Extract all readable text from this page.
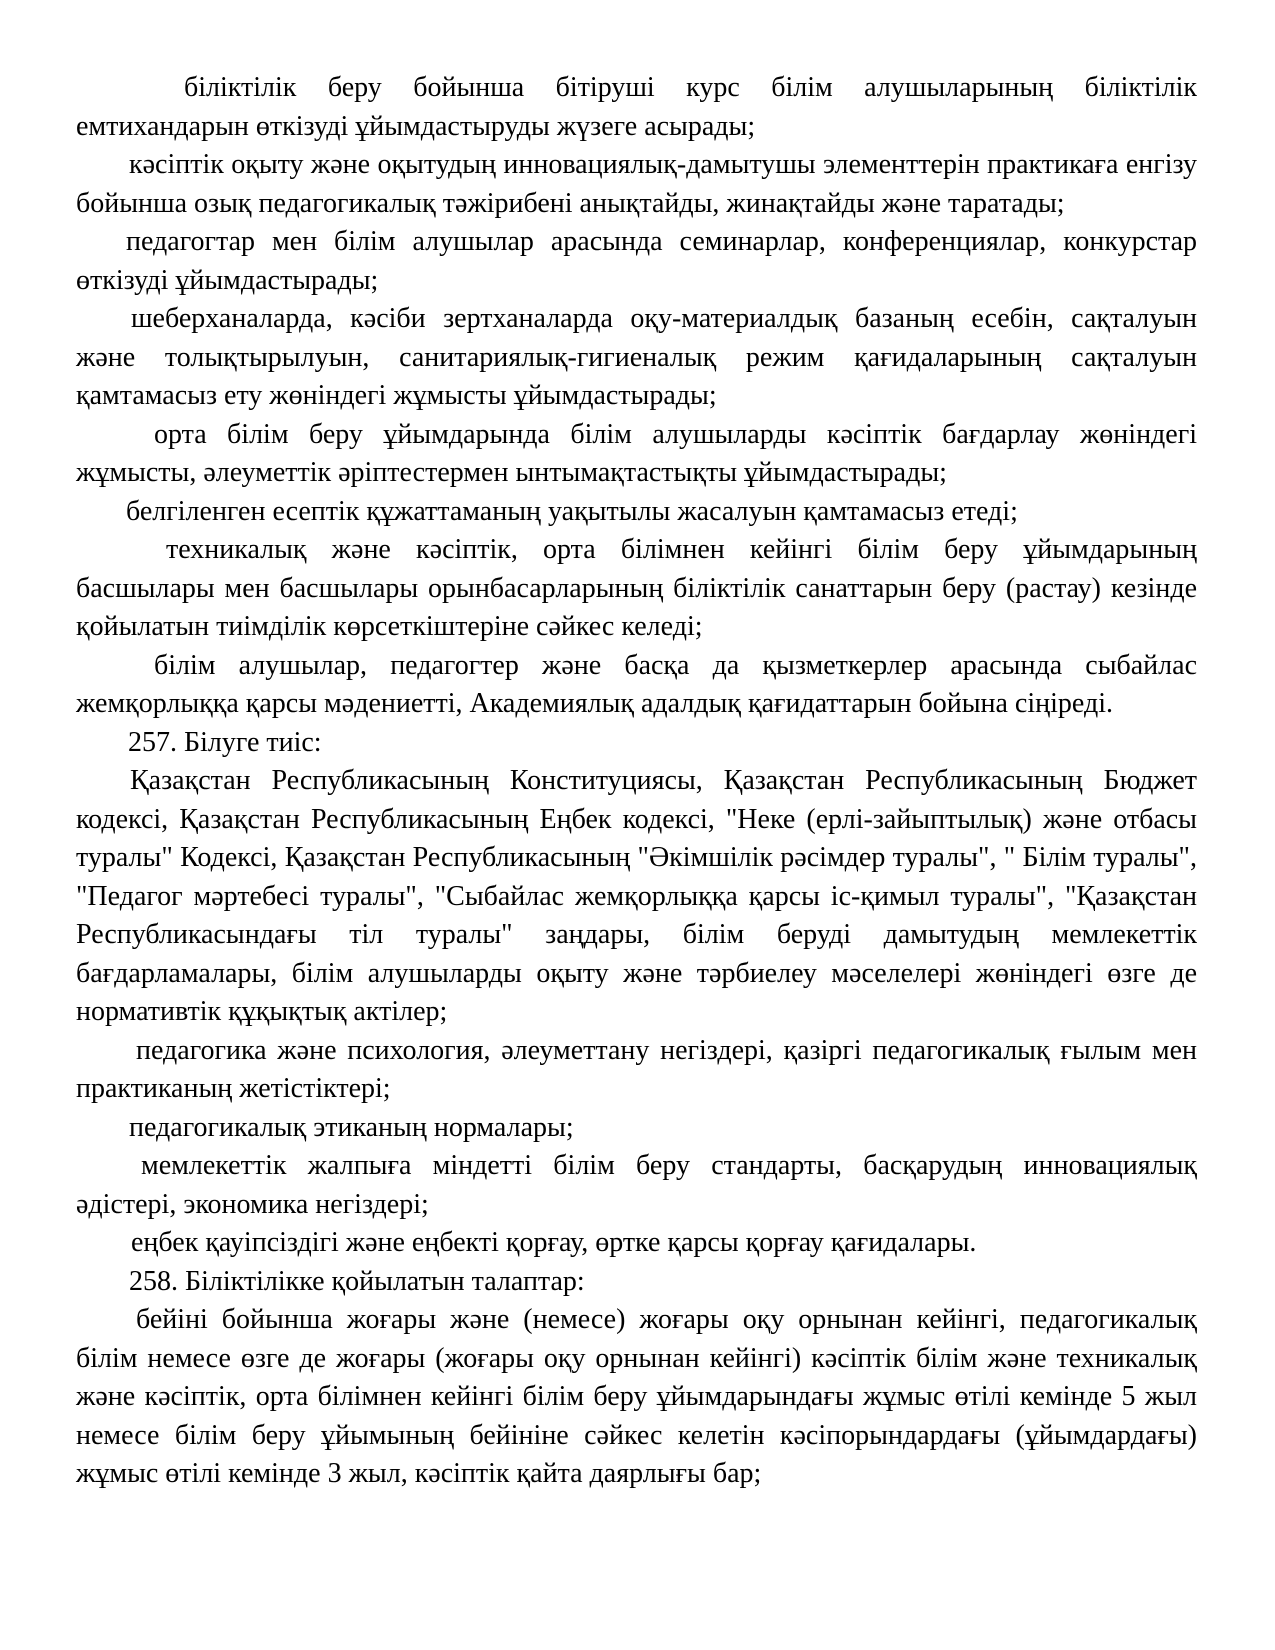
біліктілік беру бойынша бітіруші курс білім алушыларының біліктілік емтихандарын өткізуді ұйымдастыруды жүзеге асырады;

кәсіптік оқыту және оқытудың инновациялық-дамытушы элементтерін практикаға енгізу бойынша озық педагогикалық тәжірибені анықтайды, жинақтайды және таратады;

педагогтар мен білім алушылар арасында семинарлар, конференциялар, конкурстар өткізуді ұйымдастырады;

шеберханаларда, кәсіби зертханаларда оқу-материалдық базаның есебін, сақталуын және толықтырылуын, санитариялық-гигиеналық режим қағидаларының сақталуын қамтамасыз ету жөніндегі жұмысты ұйымдастырады;

орта білім беру ұйымдарында білім алушыларды кәсіптік бағдарлау жөніндегі жұмысты, әлеуметтік әріптестермен ынтымақтастықты ұйымдастырады;

белгіленген есептік құжаттаманың уақытылы жасалуын қамтамасыз етеді;

техникалық және кәсіптік, орта білімнен кейінгі білім беру ұйымдарының басшылары мен басшылары орынбасарларының біліктілік санаттарын беру (растау) кезінде қойылатын тиімділік көрсеткіштеріне сәйкес келеді;

білім алушылар, педагогтер және басқа да қызметкерлер арасында сыбайлас жемқорлыққа қарсы мәдениетті, Академиялық адалдық қағидаттарын бойына сіңіреді.

257. Білуге тиіс:

Қазақстан Республикасының Конституциясы, Қазақстан Республикасының Бюджет кодексі, Қазақстан Республикасының Еңбек кодексі, "Неке (ерлі-зайыптылық) және отбасы туралы" Кодексі, Қазақстан Республикасының "Әкімшілік рәсімдер туралы", " Білім туралы", "Педагог мәртебесі туралы", "Сыбайлас жемқорлыққа қарсы іс-қимыл туралы", "Қазақстан Республикасындағы тіл туралы" заңдары, білім беруді дамытудың мемлекеттік бағдарламалары, білім алушыларды оқыту және тәрбиелеу мәселелері жөніндегі өзге де нормативтік құқықтық актілер;

педагогика және психология, әлеуметтану негіздері, қазіргі педагогикалық ғылым мен практиканың жетістіктері;

педагогикалық этиканың нормалары;

мемлекеттік жалпыға міндетті білім беру стандарты, басқарудың инновациялық әдістері, экономика негіздері;

еңбек қауіпсіздігі және еңбекті қорғау, өртке қарсы қорғау қағидалары.

258. Біліктілікке қойылатын талаптар:

бейіні бойынша жоғары және (немесе) жоғары оқу орнынан кейінгі, педагогикалық білім немесе өзге де жоғары (жоғары оқу орнынан кейінгі) кәсіптік білім және техникалық және кәсіптік, орта білімнен кейінгі білім беру ұйымдарындағы жұмыс өтілі кемінде 5 жыл немесе білім беру ұйымының бейініне сәйкес келетін кәсіпорындардағы (ұйымдардағы) жұмыс өтілі кемінде 3 жыл, кәсіптік қайта даярлығы бар;
